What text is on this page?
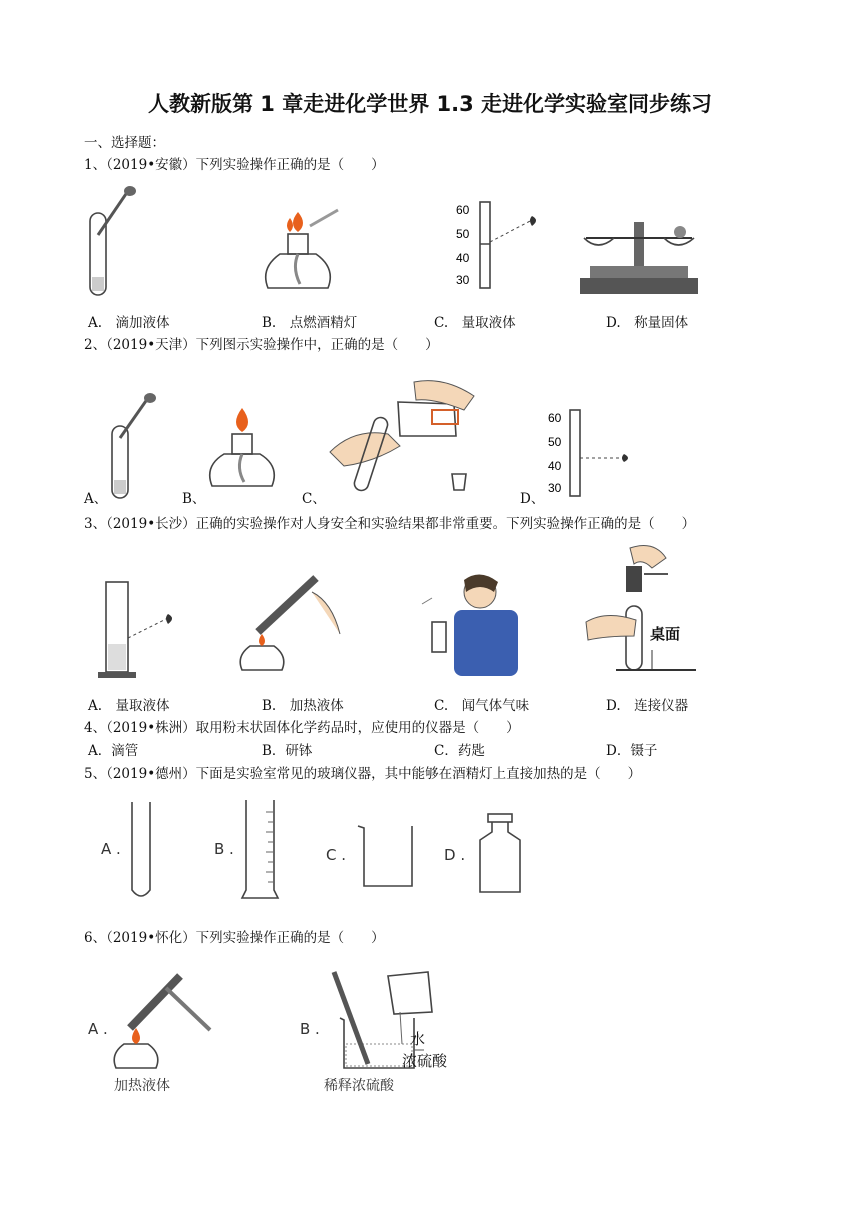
人教新版第 1 章走进化学世界 1.3 走进化学实验室同步练习
一、选择题：
1、（2019•安徽）下列实验操作正确的是（　　）
60
50
40
30
A.　滴加液体	B.　点燃酒精灯	C.　量取液体	D.　称量固体
2、（2019•天津）下列图示实验操作中，正确的是（　　）
60
50
40
30
A、	B、	C、	D、
3、（2019•长沙）正确的实验操作对人身安全和实验结果都非常重要。下列实验操作正确的是（　　）
桌面
A.　量取液体	B.　加热液体	C.　闻气体气味	D.　连接仪器
4、（2019•株洲）取用粉末状固体化学药品时，应使用的仪器是（　　）
A．滴管	B．研钵	C．药匙	D．镊子
5、（2019•德州）下面是实验室常见的玻璃仪器，其中能够在酒精灯上直接加热的是（　　）
A .	B .	C .	D .
6、（2019•怀化）下列实验操作正确的是（　　）
A .
加热液体
B .
水
浓硫酸
稀释浓硫酸
